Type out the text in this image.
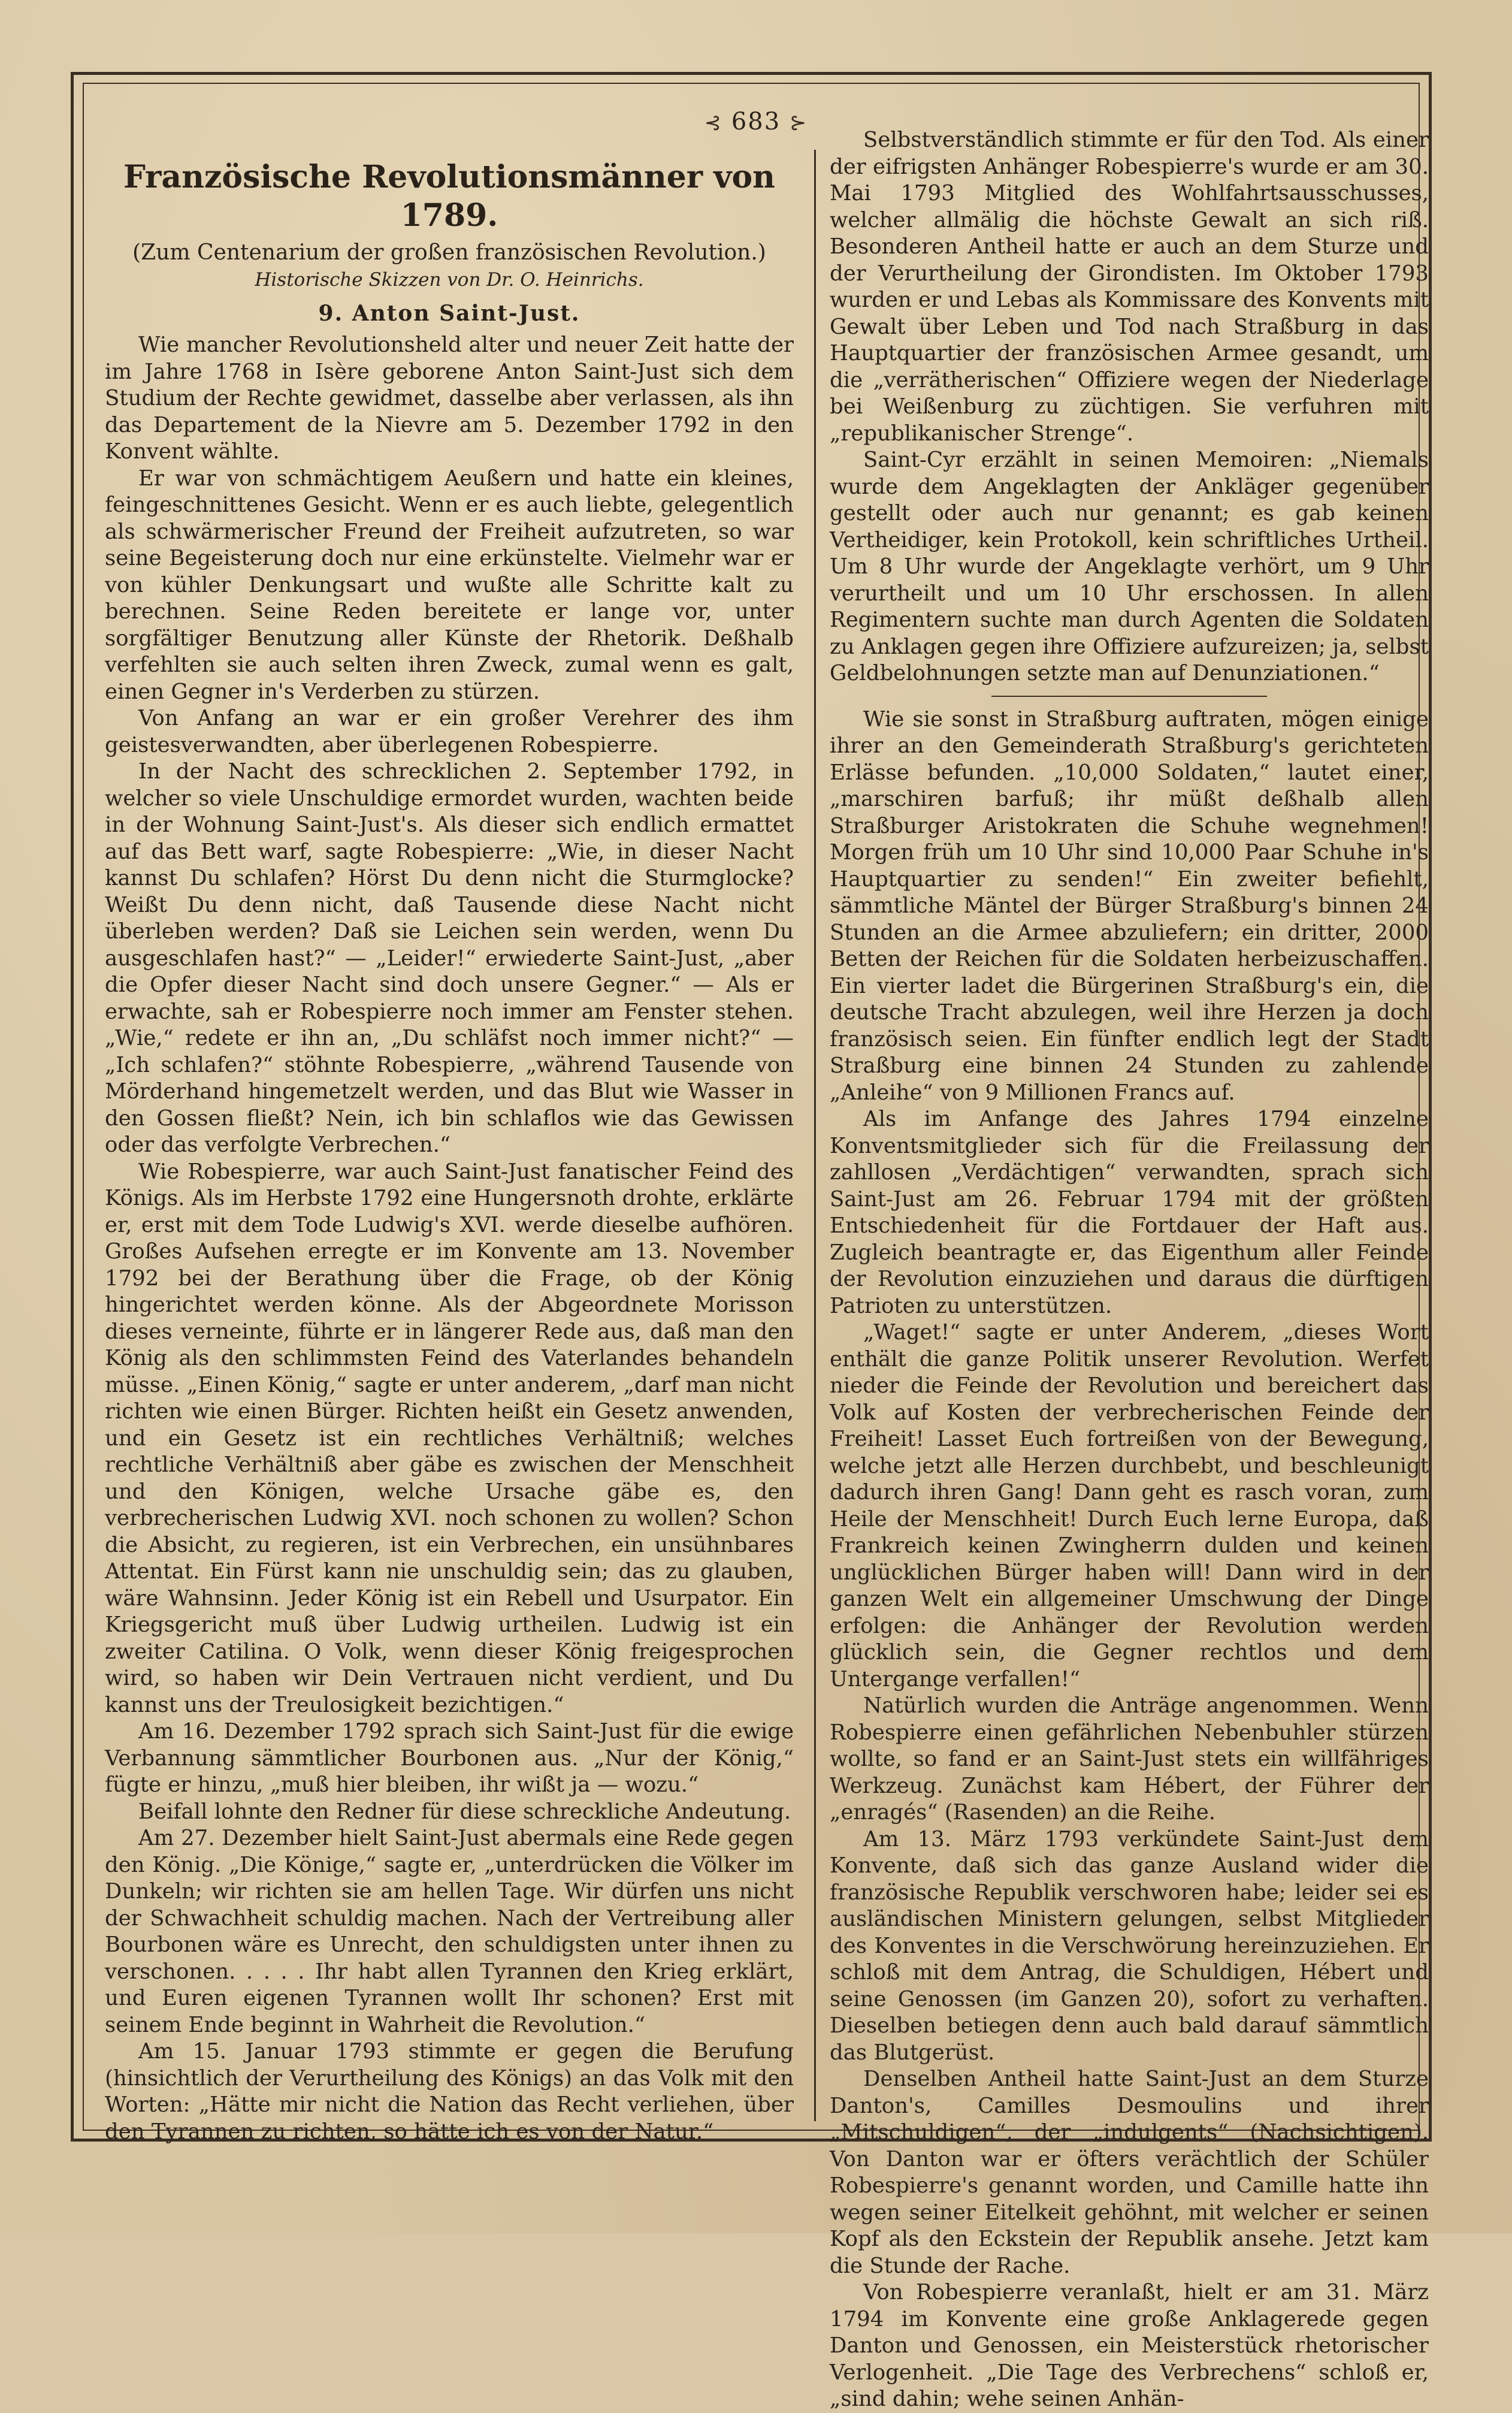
⊰ 683 ⊱
Französische Revolutionsmänner von 1789.
(Zum Centenarium der großen französischen Revolution.)
Historische Skizzen von Dr. O. Heinrichs.
9. Anton Saint-Just.

Wie mancher Revolutionsheld alter und neuer Zeit hatte der im Jahre 1768 in Isère geborene Anton Saint-Just sich dem Studium der Rechte gewidmet, dasselbe aber verlassen, als ihn das Departement de la Nievre am 5. Dezember 1792 in den Konvent wählte.

Er war von schmächtigem Aeußern und hatte ein kleines, feingeschnittenes Gesicht. Wenn er es auch liebte, gelegentlich als schwärmerischer Freund der Freiheit aufzutreten, so war seine Begeisterung doch nur eine erkünstelte. Vielmehr war er von kühler Denkungsart und wußte alle Schritte kalt zu berechnen. Seine Reden bereitete er lange vor, unter sorgfältiger Benutzung aller Künste der Rhetorik. Deßhalb verfehlten sie auch selten ihren Zweck, zumal wenn es galt, einen Gegner in's Verderben zu stürzen.

Von Anfang an war er ein großer Verehrer des ihm geistesverwandten, aber überlegenen Robespierre.

In der Nacht des schrecklichen 2. September 1792, in welcher so viele Unschuldige ermordet wurden, wachten beide in der Wohnung Saint-Just's. Als dieser sich endlich ermattet auf das Bett warf, sagte Robespierre: „Wie, in dieser Nacht kannst Du schlafen? Hörst Du denn nicht die Sturmglocke? Weißt Du denn nicht, daß Tausende diese Nacht nicht überleben werden? Daß sie Leichen sein werden, wenn Du ausgeschlafen hast?“ — „Leider!“ erwiederte Saint-Just, „aber die Opfer dieser Nacht sind doch unsere Gegner.“ — Als er erwachte, sah er Robespierre noch immer am Fenster stehen. „Wie,“ redete er ihn an, „Du schläfst noch immer nicht?“ — „Ich schlafen?“ stöhnte Robespierre, „während Tausende von Mörderhand hingemetzelt werden, und das Blut wie Wasser in den Gossen fließt? Nein, ich bin schlaflos wie das Gewissen oder das verfolgte Verbrechen.“

Wie Robespierre, war auch Saint-Just fanatischer Feind des Königs. Als im Herbste 1792 eine Hungersnoth drohte, erklärte er, erst mit dem Tode Ludwig's XVI. werde dieselbe aufhören. Großes Aufsehen erregte er im Konvente am 13. November 1792 bei der Berathung über die Frage, ob der König hingerichtet werden könne. Als der Abgeordnete Morisson dieses verneinte, führte er in längerer Rede aus, daß man den König als den schlimmsten Feind des Vaterlandes behandeln müsse. „Einen König,“ sagte er unter anderem, „darf man nicht richten wie einen Bürger. Richten heißt ein Gesetz anwenden, und ein Gesetz ist ein rechtliches Verhältniß; welches rechtliche Verhältniß aber gäbe es zwischen der Menschheit und den Königen, welche Ursache gäbe es, den verbrecherischen Ludwig XVI. noch schonen zu wollen? Schon die Absicht, zu regieren, ist ein Verbrechen, ein unsühnbares Attentat. Ein Fürst kann nie unschuldig sein; das zu glauben, wäre Wahnsinn. Jeder König ist ein Rebell und Usurpator. Ein Kriegsgericht muß über Ludwig urtheilen. Ludwig ist ein zweiter Catilina. O Volk, wenn dieser König freigesprochen wird, so haben wir Dein Vertrauen nicht verdient, und Du kannst uns der Treulosigkeit bezichtigen.“

Am 16. Dezember 1792 sprach sich Saint-Just für die ewige Verbannung sämmtlicher Bourbonen aus. „Nur der König,“ fügte er hinzu, „muß hier bleiben, ihr wißt ja — wozu.“

Beifall lohnte den Redner für diese schreckliche Andeutung.

Am 27. Dezember hielt Saint-Just abermals eine Rede gegen den König. „Die Könige,“ sagte er, „unterdrücken die Völker im Dunkeln; wir richten sie am hellen Tage. Wir dürfen uns nicht der Schwachheit schuldig machen. Nach der Vertreibung aller Bourbonen wäre es Unrecht, den schuldigsten unter ihnen zu verschonen. . . . . Ihr habt allen Tyrannen den Krieg erklärt, und Euren eigenen Tyrannen wollt Ihr schonen? Erst mit seinem Ende beginnt in Wahrheit die Revolution.“

Am 15. Januar 1793 stimmte er gegen die Berufung (hinsichtlich der Verurtheilung des Königs) an das Volk mit den Worten: „Hätte mir nicht die Nation das Recht verliehen, über den Tyrannen zu richten, so hätte ich es von der Natur.“

Selbstverständlich stimmte er für den Tod. Als einer der eifrigsten Anhänger Robespierre's wurde er am 30. Mai 1793 Mitglied des Wohlfahrtsausschusses, welcher allmälig die höchste Gewalt an sich riß. Besonderen Antheil hatte er auch an dem Sturze und der Verurtheilung der Girondisten. Im Oktober 1793 wurden er und Lebas als Kommissare des Konvents mit Gewalt über Leben und Tod nach Straßburg in das Hauptquartier der französischen Armee gesandt, um die „verrätherischen“ Offiziere wegen der Niederlage bei Weißenburg zu züchtigen. Sie verfuhren mit „republikanischer Strenge“.

Saint-Cyr erzählt in seinen Memoiren: „Niemals wurde dem Angeklagten der Ankläger gegenüber gestellt oder auch nur genannt; es gab keinen Vertheidiger, kein Protokoll, kein schriftliches Urtheil. Um 8 Uhr wurde der Angeklagte verhört, um 9 Uhr verurtheilt und um 10 Uhr erschossen. In allen Regimentern suchte man durch Agenten die Soldaten zu Anklagen gegen ihre Offiziere aufzureizen; ja, selbst Geldbelohnungen setzte man auf Denunziationen.“

Wie sie sonst in Straßburg auftraten, mögen einige ihrer an den Gemeinderath Straßburg's gerichteten Erlässe befunden. „10,000 Soldaten,“ lautet einer, „marschiren barfuß; ihr müßt deßhalb allen Straßburger Aristokraten die Schuhe wegnehmen! Morgen früh um 10 Uhr sind 10,000 Paar Schuhe in's Hauptquartier zu senden!“ Ein zweiter befiehlt, sämmtliche Mäntel der Bürger Straßburg's binnen 24 Stunden an die Armee abzuliefern; ein dritter, 2000 Betten der Reichen für die Soldaten herbeizuschaffen. Ein vierter ladet die Bürgerinen Straßburg's ein, die deutsche Tracht abzulegen, weil ihre Herzen ja doch französisch seien. Ein fünfter endlich legt der Stadt Straßburg eine binnen 24 Stunden zu zahlende „Anleihe“ von 9 Millionen Francs auf.

Als im Anfange des Jahres 1794 einzelne Konventsmitglieder sich für die Freilassung der zahllosen „Verdächtigen“ verwandten, sprach sich Saint-Just am 26. Februar 1794 mit der größten Entschiedenheit für die Fortdauer der Haft aus. Zugleich beantragte er, das Eigenthum aller Feinde der Revolution einzuziehen und daraus die dürftigen Patrioten zu unterstützen.

„Waget!“ sagte er unter Anderem, „dieses Wort enthält die ganze Politik unserer Revolution. Werfet nieder die Feinde der Revolution und bereichert das Volk auf Kosten der verbrecherischen Feinde der Freiheit! Lasset Euch fortreißen von der Bewegung, welche jetzt alle Herzen durchbebt, und beschleunigt dadurch ihren Gang! Dann geht es rasch voran, zum Heile der Menschheit! Durch Euch lerne Europa, daß Frankreich keinen Zwingherrn dulden und keinen unglücklichen Bürger haben will! Dann wird in der ganzen Welt ein allgemeiner Umschwung der Dinge erfolgen: die Anhänger der Revolution werden glücklich sein, die Gegner rechtlos und dem Untergange verfallen!“

Natürlich wurden die Anträge angenommen. Wenn Robespierre einen gefährlichen Nebenbuhler stürzen wollte, so fand er an Saint-Just stets ein willfähriges Werkzeug. Zunächst kam Hébert, der Führer der „enragés“ (Rasenden) an die Reihe.

Am 13. März 1793 verkündete Saint-Just dem Konvente, daß sich das ganze Ausland wider die französische Republik verschworen habe; leider sei es ausländischen Ministern gelungen, selbst Mitglieder des Konventes in die Verschwörung hereinzuziehen. Er schloß mit dem Antrag, die Schuldigen, Hébert und seine Genossen (im Ganzen 20), sofort zu verhaften. Dieselben betiegen denn auch bald darauf sämmtlich das Blutgerüst.

Denselben Antheil hatte Saint-Just an dem Sturze Danton's, Camilles Desmoulins und ihrer „Mitschuldigen“, der „indulgents“ (Nachsichtigen). Von Danton war er öfters verächtlich der Schüler Robespierre's genannt worden, und Camille hatte ihn wegen seiner Eitelkeit gehöhnt, mit welcher er seinen Kopf als den Eckstein der Republik ansehe. Jetzt kam die Stunde der Rache.

Von Robespierre veranlaßt, hielt er am 31. März 1794 im Konvente eine große Anklagerede gegen Danton und Genossen, ein Meisterstück rhetorischer Verlogenheit. „Die Tage des Verbrechens“ schloß er, „sind dahin; wehe seinen Anhän-
